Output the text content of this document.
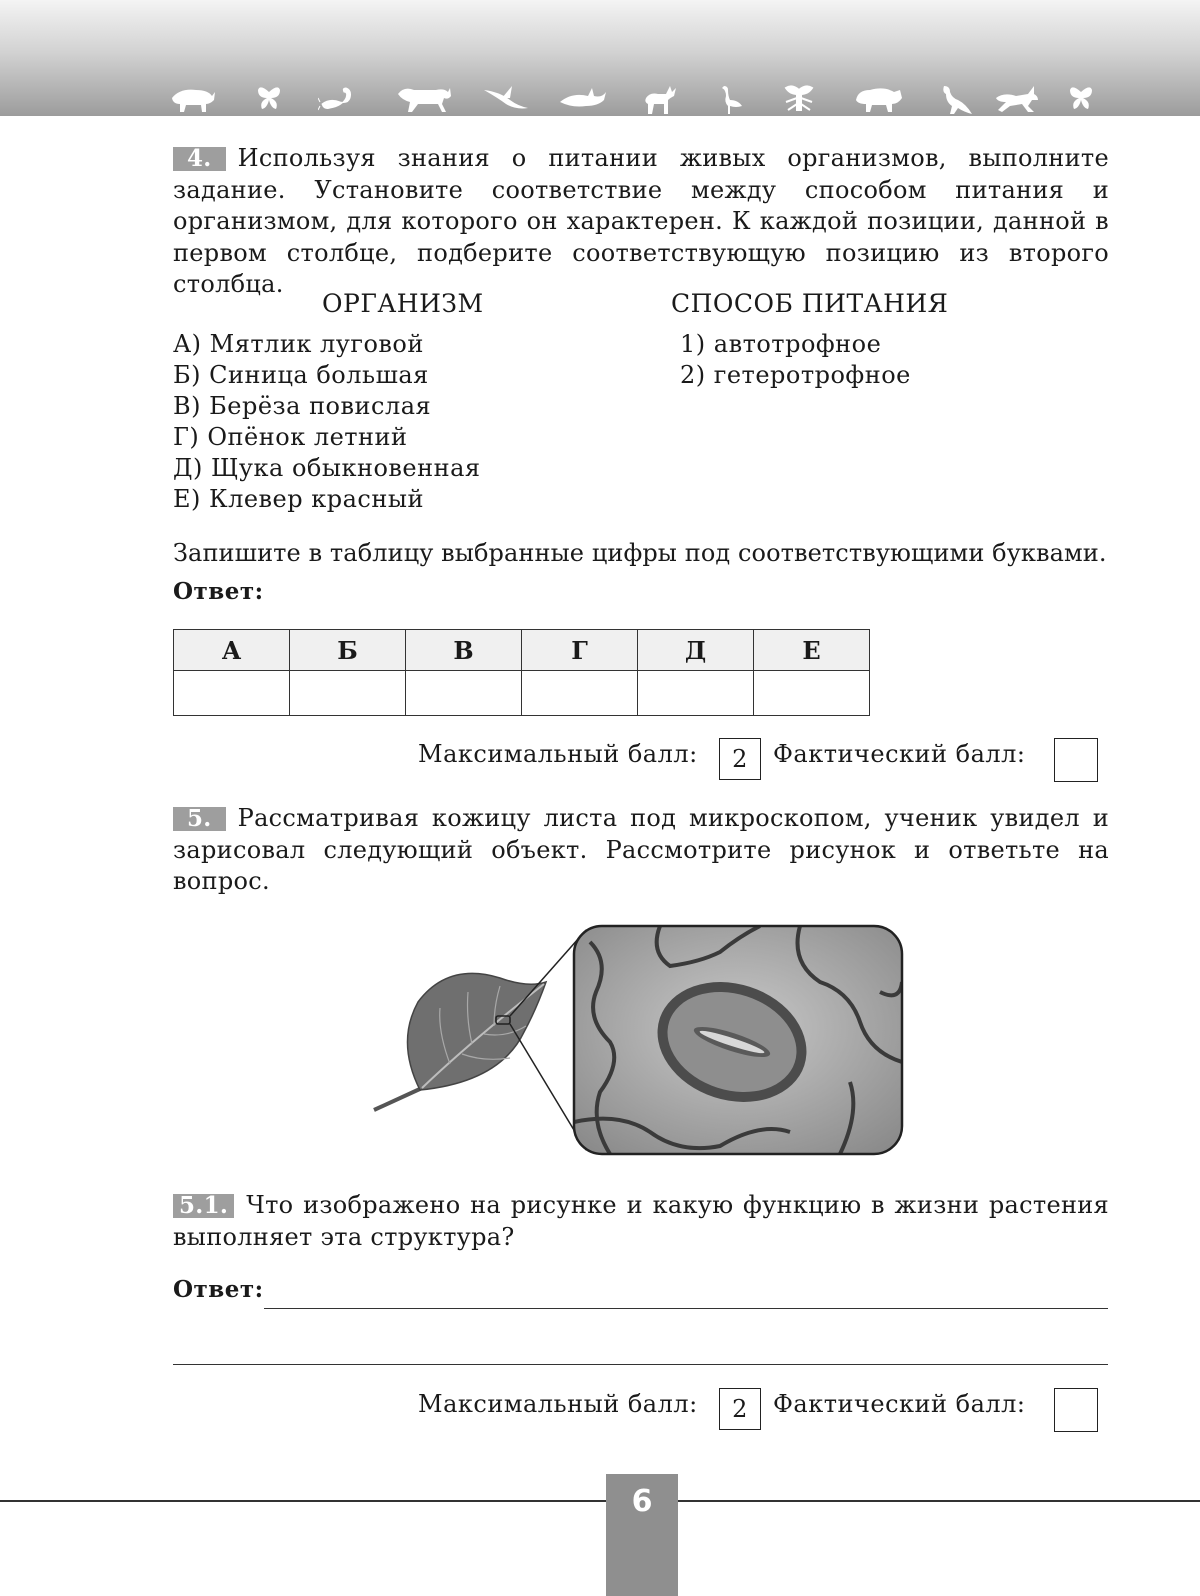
4. Используя знания о питании живых организмов, выполните задание. Установите соответствие между способом питания и организмом, для которого он характерен. К каждой позиции, данной в первом столбце, подберите соответствующую позицию из второго столбца.
ОРГАНИЗМ	СПОСОБ ПИТАНИЯ
А) Мятлик луговой
Б) Синица большая
В) Берёза повислая
Г) Опёнок летний
Д) Щука обыкновенная
Е) Клевер красный
1) автотрофное
2) гетеротрофное
Запишите в таблицу выбранные цифры под соответствующими буквами.
Ответ:
А	Б	В	Г	Д	Е

Максимальный балл:	2	Фактический балл:
5. Рассматривая кожицу листа под микроскопом, ученик увидел и зарисовал следующий объект. Рассмотрите рисунок и ответьте на вопрос.
5.1. Что изображено на рисунке и какую функцию в жизни растения выполняет эта структура?
Ответ:
Максимальный балл:	2	Фактический балл:
6
